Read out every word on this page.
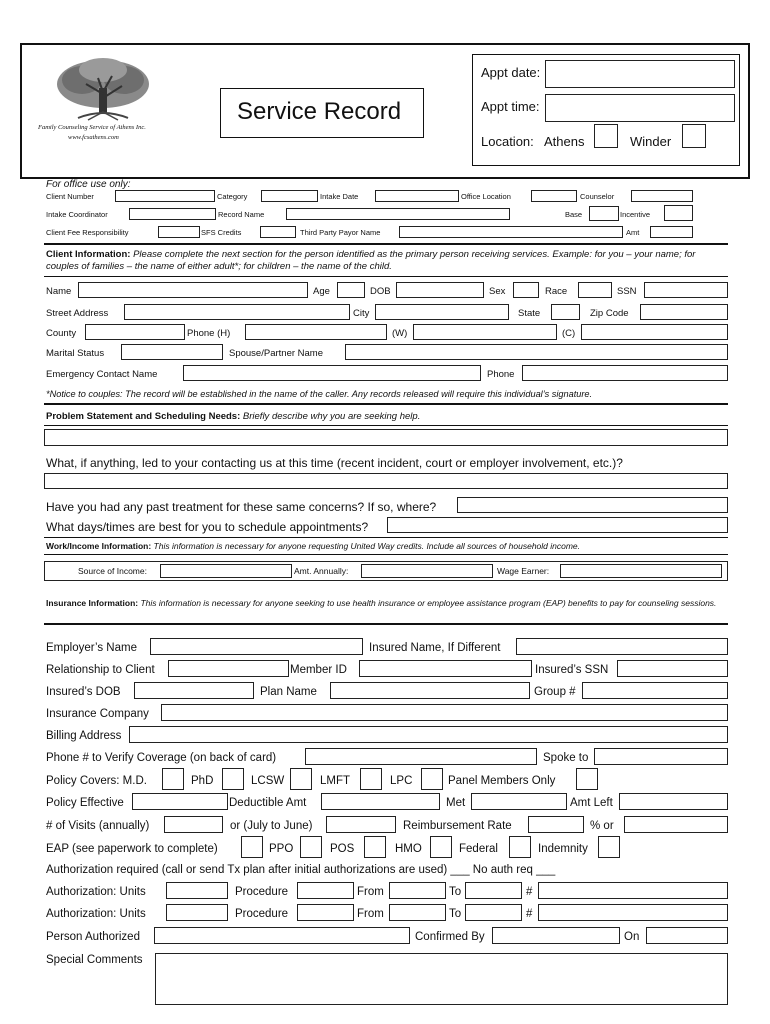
Family Counseling Service of Athens Inc.
www.fcsathens.com
Service Record
Appt date:
Appt time:
Location: Athens	Winder
For office use only:
Client Number	Category	Intake Date	Office Location	Counselor
Intake Coordinator	Record Name	Base	Incentive
Client Fee Responsibility	SFS Credits	Third Party Payor Name	Amt
Client Information: Please complete the next section for the person identified as the primary person receiving services. Example: for you – your name; for couples of families – the name of either adult*; for children – the name of the child.
Name	Age	DOB	Sex	Race	SSN
Street Address	City	State	Zip Code
County	Phone (H)	(W)	(C)
Marital Status	Spouse/Partner Name
Emergency Contact Name	Phone
*Notice to couples: The record will be established in the name of the caller. Any records released will require this individual’s signature.
Problem Statement and Scheduling Needs: Briefly describe why you are seeking help.
What, if anything, led to your contacting us at this time (recent incident, court or employer involvement, etc.)?
Have you had any past treatment for these same concerns? If so, where?
What days/times are best for you to schedule appointments?
Work/Income Information: This information is necessary for anyone requesting United Way credits. Include all sources of household income.
Source of Income:	Amt. Annually:	Wage Earner:
Insurance Information: This information is necessary for anyone seeking to use health insurance or employee assistance program (EAP) benefits to pay for counseling sessions.
Employer’s Name	Insured Name, If Different
Relationship to Client	Member ID	Insured’s SSN
Insured’s DOB	Plan Name	Group #
Insurance Company
Billing Address
Phone # to Verify Coverage (on back of card)	Spoke to
Policy Covers: M.D.	PhD	LCSW	LMFT	LPC	Panel Members Only
Policy Effective	Deductible Amt	Met	Amt Left
# of Visits (annually)	or (July to June)	Reimbursement Rate	% or
EAP (see paperwork to complete)	PPO	POS	HMO	Federal	Indemnity
Authorization required (call or send Tx plan after initial authorizations are used) ___ No auth req ___
Authorization: Units	Procedure	From	To	#
Authorization: Units	Procedure	From	To	#
Person Authorized	Confirmed By	On
Special Comments
